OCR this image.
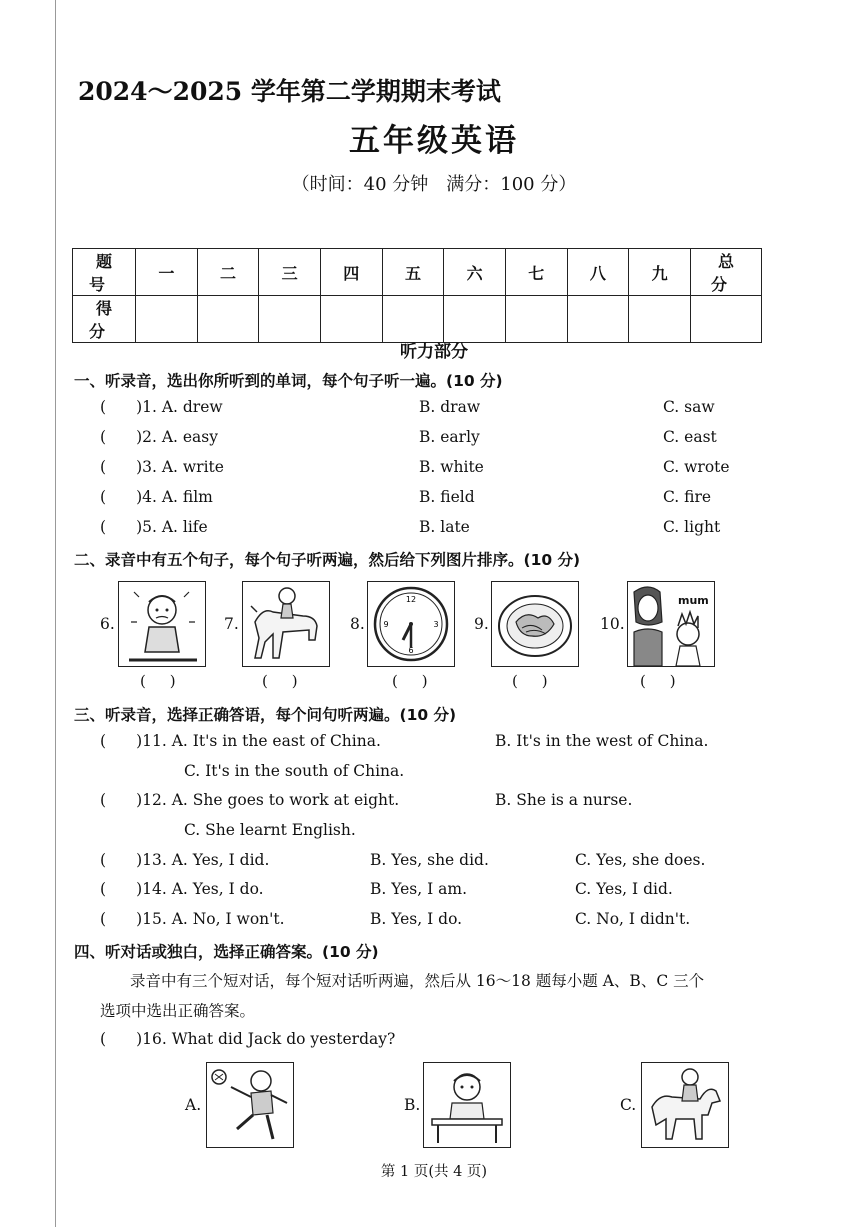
2024～2025 学年第二学期期末考试
五年级英语
（时间：40 分钟　满分：100 分）
题　号	一	二	三	四	五	六	七	八	九	总　分
得　分										
听力部分
一、听录音，选出你所听到的单词，每个句子听一遍。(10 分)
( )1. A. drew	B. draw	C. saw
( )2. A. easy	B. early	C. east
( )3. A. write	B. white	C. wrote
( )4. A. film	B. field	C. fire
( )5. A. life	B. late	C. light
二、录音中有五个句子，每个句子听两遍，然后给下列图片排序。(10 分)
6.
( )
7.
( )
8.
12
3
6
9
( )
9.
( )
10.
mum
( )
三、听录音，选择正确答语，每个问句听两遍。(10 分)
( )11. A. It's in the east of China.	B. It's in the west of China.
C. It's in the south of China.
( )12. A. She goes to work at eight.	B. She is a nurse.
C. She learnt English.
( )13. A. Yes, I did.	B. Yes, she did.	C. Yes, she does.
( )14. A. Yes, I do.	B. Yes, I am.	C. Yes, I did.
( )15. A. No, I won't.	B. Yes, I do.	C. No, I didn't.
四、听对话或独白，选择正确答案。(10 分)
录音中有三个短对话，每个短对话听两遍，然后从 16～18 题每小题 A、B、C 三个
选项中选出正确答案。
( )16. What did Jack do yesterday?
A.	B.	C.
第 1 页(共 4 页)
